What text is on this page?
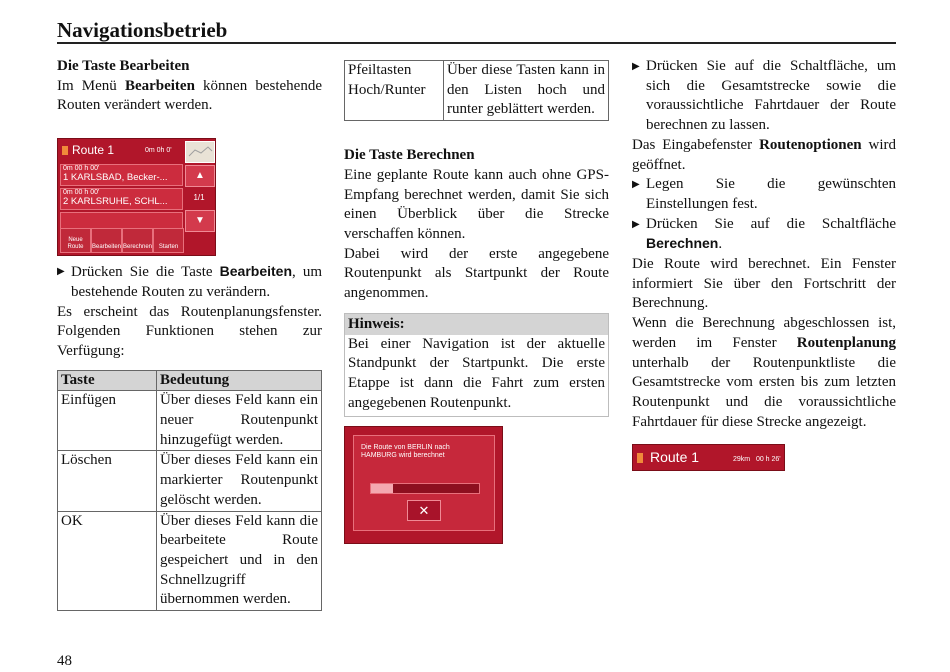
Navigationsbetrieb

Die Taste Bearbeiten

Im Menü Bearbeiten können bestehende Routen verändert werden.

Route 1	0m 0h 0'
0m 00 h 00'
1 KARLSBAD, Becker-...
0m 00 h 00'
2 KARLSRUHE, SCHL...
▲
1/1
▼
Neue Route	Bearbeiten Berechnen	Starten

▶ Drücken Sie die Taste Bearbeiten, um bestehende Routen zu verändern.

Es erscheint das Routenplanungsfenster. Folgenden Funktionen stehen zur Verfügung:

Taste	Bedeutung
Einfügen	Über dieses Feld kann ein neuer Routenpunkt hinzugefügt werden.
Löschen	Über dieses Feld kann ein markierter Routenpunkt gelöscht werden.
OK	Über dieses Feld kann die bearbeitete Route gespeichert und in den Schnellzugriff übernommen werden.
Pfeiltasten Hoch/Runter	Über diese Tasten kann in den Listen hoch und runter geblättert werden.

Die Taste Berechnen

Eine geplante Route kann auch ohne GPS-Empfang berechnet werden, damit Sie sich einen Überblick über die Strecke verschaffen können.

Dabei wird der erste angegebene Routenpunkt als Startpunkt der Route angenommen.

Hinweis:
Bei einer Navigation ist der aktuelle Standpunkt der Startpunkt. Die erste Etappe ist dann die Fahrt zum ersten angegebenen Routenpunkt.
Die Route von BERLIN nach HAMBURG wird berechnet
✕

▶ Drücken Sie auf die Schaltfläche, um sich die Gesamtstrecke sowie die voraussichtliche Fahrtdauer der Route berechnen zu lassen.

Das Eingabefenster Routenoptionen wird geöffnet.

▶ Legen Sie die gewünschten Einstellungen fest.

▶ Drücken Sie auf die Schaltfläche Berechnen.

Die Route wird berechnet. Ein Fenster informiert Sie über den Fortschritt der Berechnung.

Wenn die Berechnung abgeschlossen ist, werden im Fenster Routenplanung unterhalb der Routenpunktliste die Gesamtstrecke vom ersten bis zum letzten Routenpunkt und die voraussichtliche Fahrtdauer für diese Strecke angezeigt.

Route 1	29km   00 h 26'
48
